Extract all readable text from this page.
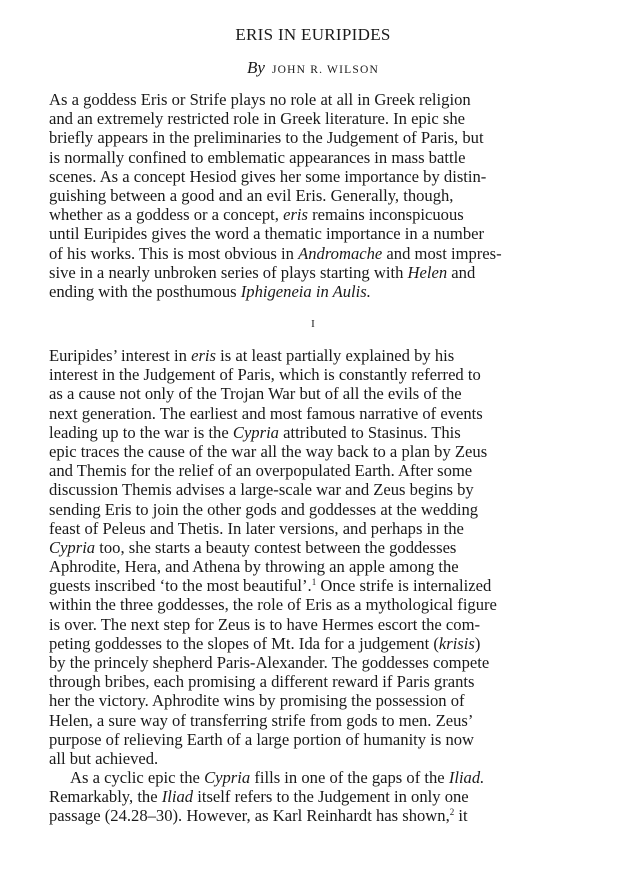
ERIS IN EURIPIDES
By JOHN R. WILSON
As a goddess Eris or Strife plays no role at all in Greek religion
and an extremely restricted role in Greek literature. In epic she
briefly appears in the preliminaries to the Judgement of Paris, but
is normally confined to emblematic appearances in mass battle
scenes. As a concept Hesiod gives her some importance by distin-
guishing between a good and an evil Eris. Generally, though,
whether as a goddess or a concept, eris remains inconspicuous
until Euripides gives the word a thematic importance in a number
of his works. This is most obvious in Andromache and most impres-
sive in a nearly unbroken series of plays starting with Helen and
ending with the posthumous Iphigeneia in Aulis.
I
Euripides’ interest in eris is at least partially explained by his
interest in the Judgement of Paris, which is constantly referred to
as a cause not only of the Trojan War but of all the evils of the
next generation. The earliest and most famous narrative of events
leading up to the war is the Cypria attributed to Stasinus. This
epic traces the cause of the war all the way back to a plan by Zeus
and Themis for the relief of an overpopulated Earth. After some
discussion Themis advises a large-scale war and Zeus begins by
sending Eris to join the other gods and goddesses at the wedding
feast of Peleus and Thetis. In later versions, and perhaps in the
Cypria too, she starts a beauty contest between the goddesses
Aphrodite, Hera, and Athena by throwing an apple among the
guests inscribed ‘to the most beautiful’.$^1$ Once strife is internalized
within the three goddesses, the role of Eris as a mythological figure
is over. The next step for Zeus is to have Hermes escort the com-
peting goddesses to the slopes of Mt. Ida for a judgement (krisis)
by the princely shepherd Paris-Alexander. The goddesses compete
through bribes, each promising a different reward if Paris grants
her the victory. Aphrodite wins by promising the possession of
Helen, a sure way of transferring strife from gods to men. Zeus’
purpose of relieving Earth of a large portion of humanity is now
all but achieved.
As a cyclic epic the Cypria fills in one of the gaps of the Iliad.
Remarkably, the Iliad itself refers to the Judgement in only one
passage (24.28–30). However, as Karl Reinhardt has shown,$^2$ it
